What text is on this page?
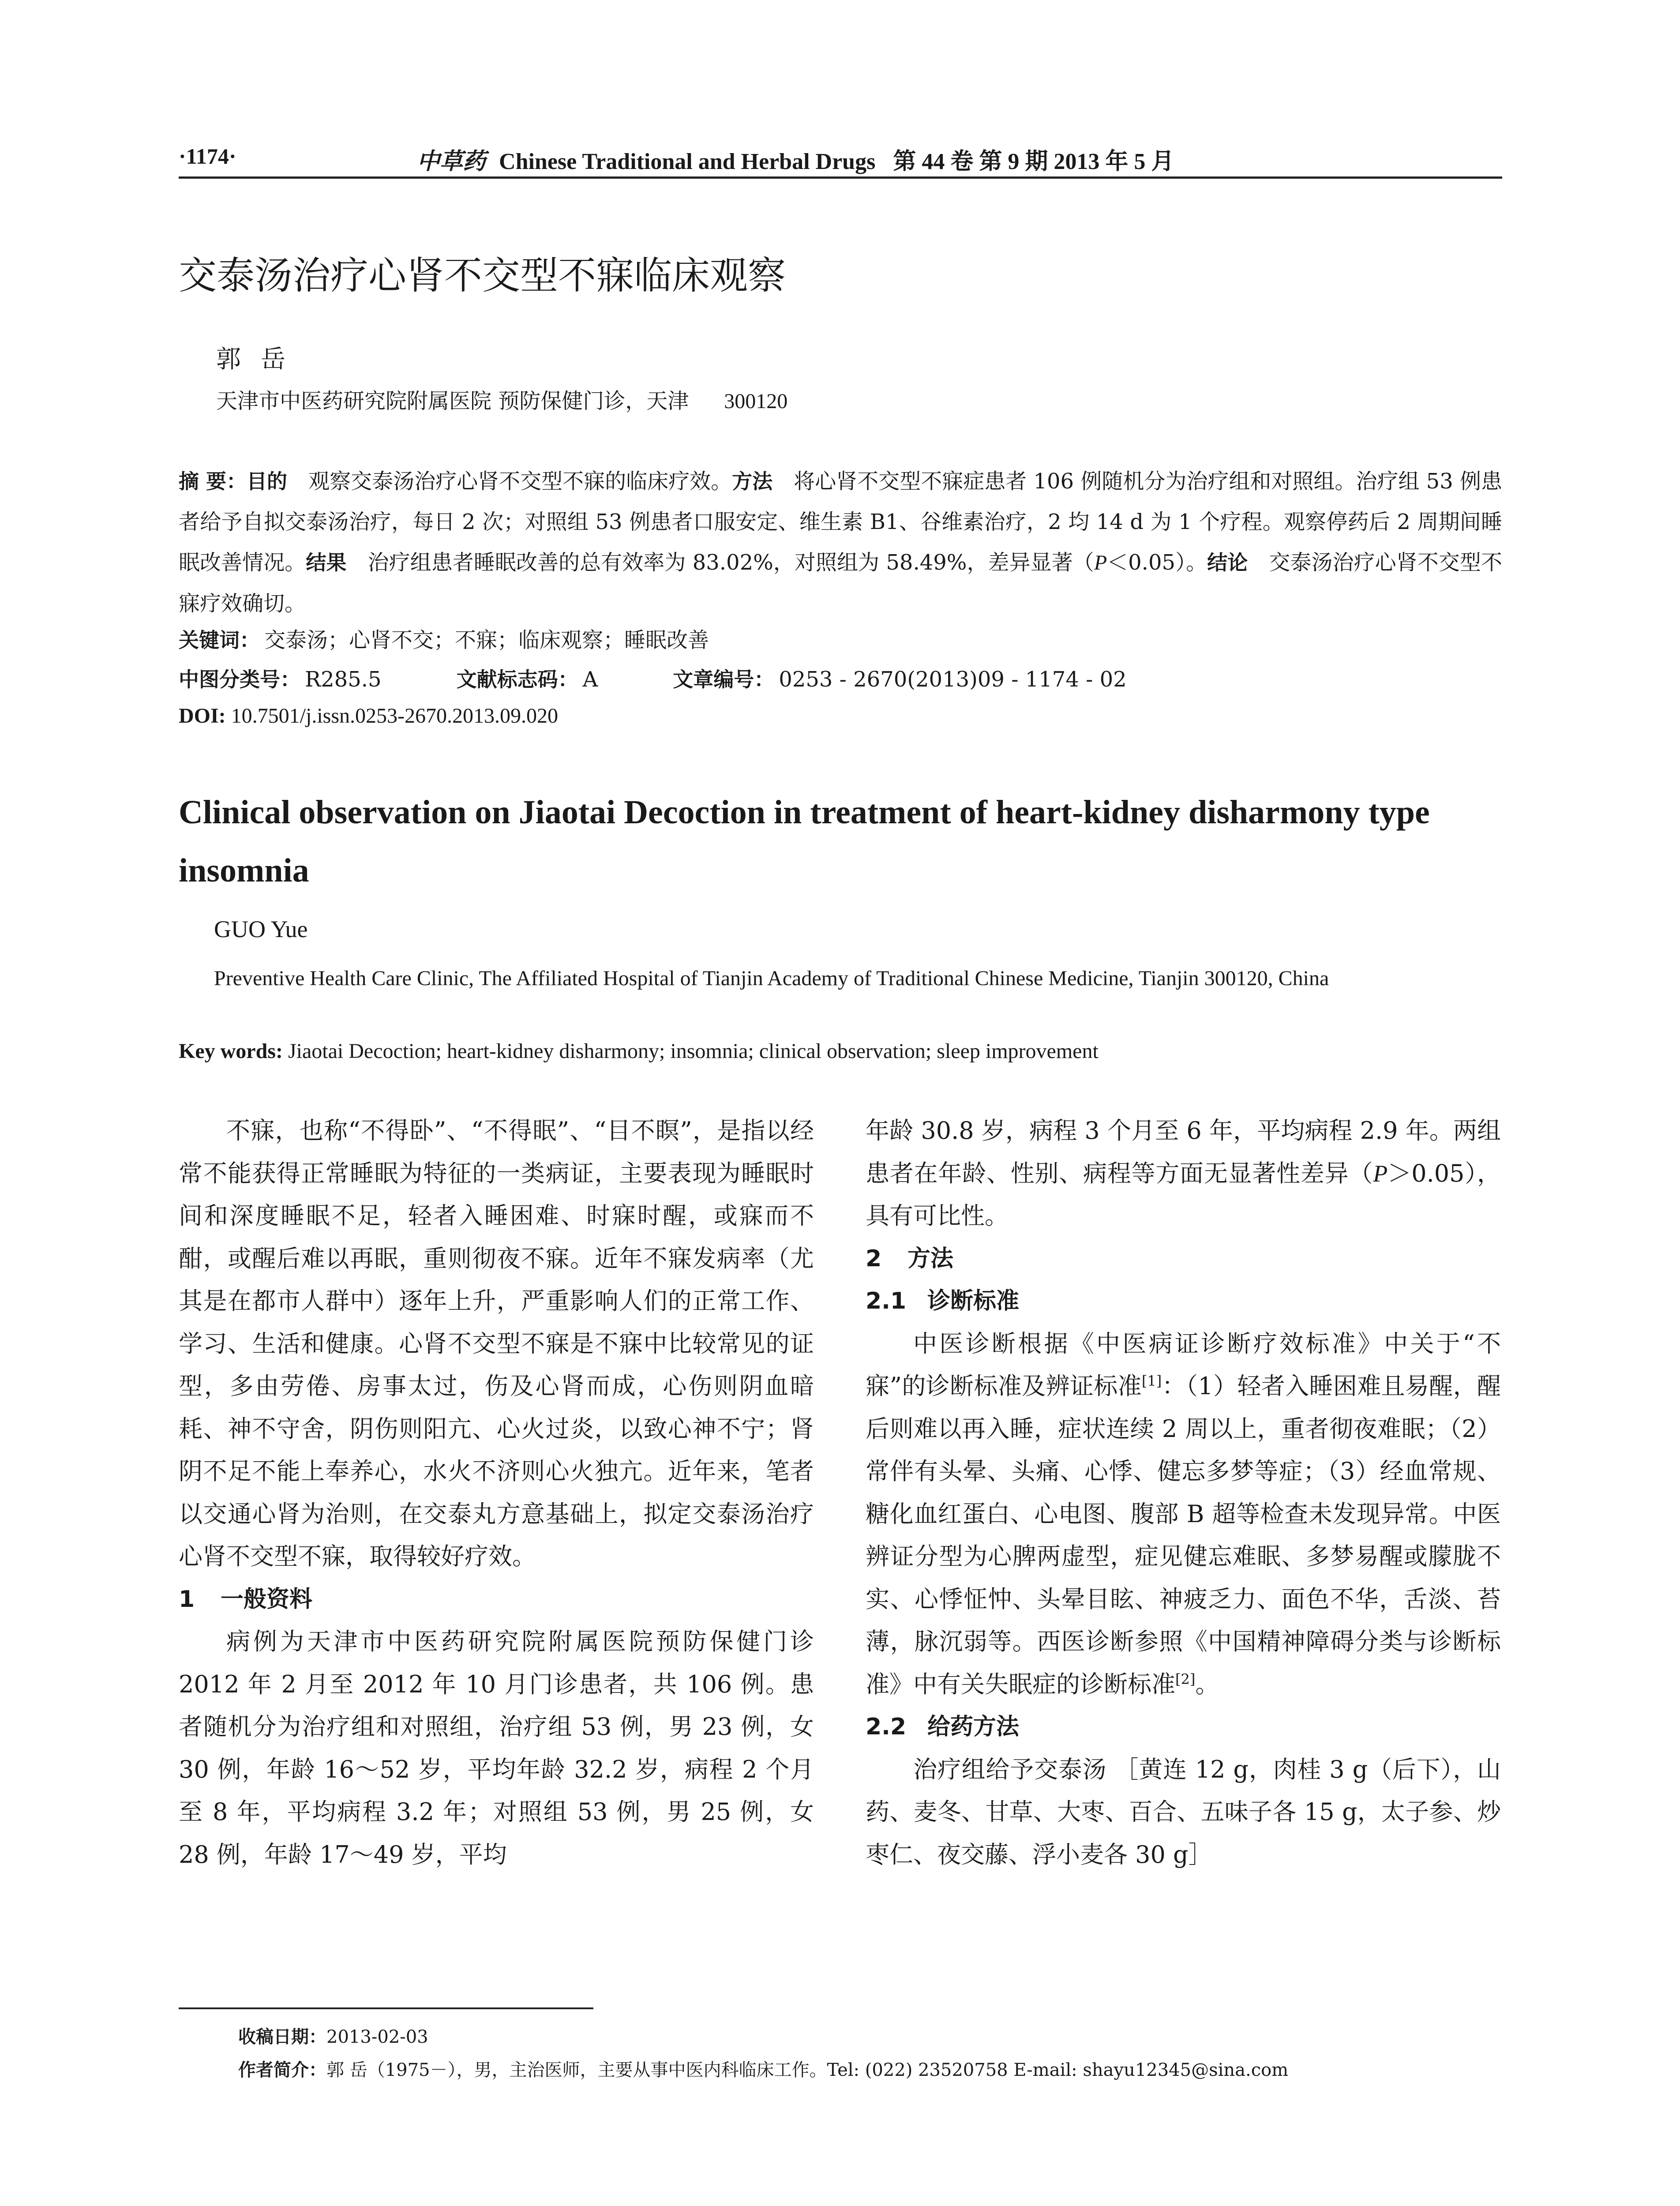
·1174·	中草药 Chinese Traditional and Herbal Drugs 第 44 卷 第 9 期 2013 年 5 月
交泰汤治疗心肾不交型不寐临床观察
郭岳
天津市中医药研究院附属医院 预防保健门诊，天津 300120

摘 要：目的　 观察交泰汤治疗心肾不交型不寐的临床疗效。方法　 将心肾不交型不寐症患者 106 例随机分为治疗组和对照组。治疗组 53 例患者给予自拟交泰汤治疗，每日 2 次；对照组 53 例患者口服安定、维生素 B1、谷维素治疗，2 均 14 d 为 1 个疗程。观察停药后 2 周期间睡眠改善情况。结果　 治疗组患者睡眠改善的总有效率为 83.02%，对照组为 58.49%，差异显著（P＜0.05）。结论　 交泰汤治疗心肾不交型不寐疗效确切。

关键词： 交泰汤；心肾不交；不寐；临床观察；睡眠改善
中图分类号： R285.5	文献标志码： A	文章编号： 0253 - 2670(2013)09 - 1174 - 02
DOI: 10.7501/j.issn.0253-2670.2013.09.020
Clinical observation on Jiaotai Decoction in treatment of heart-kidney disharmony type insomnia
GUO Yue
Preventive Health Care Clinic, The Affiliated Hospital of Tianjin Academy of Traditional Chinese Medicine, Tianjin 300120, China
Key words: Jiaotai Decoction; heart-kidney disharmony; insomnia; clinical observation; sleep improvement

不寐，也称“不得卧”、“不得眠”、“目不瞑”，是指以经常不能获得正常睡眠为特征的一类病证，主要表现为睡眠时间和深度睡眠不足，轻者入睡困难、时寐时醒，或寐而不酣，或醒后难以再眠，重则彻夜不寐。近年不寐发病率（尤其是在都市人群中）逐年上升，严重影响人们的正常工作、学习、生活和健康。心肾不交型不寐是不寐中比较常见的证型，多由劳倦、房事太过，伤及心肾而成，心伤则阴血暗耗、神不守舍，阴伤则阳亢、心火过炎，以致心神不宁；肾阴不足不能上奉养心，水火不济则心火独亢。近年来，笔者以交通心肾为治则，在交泰丸方意基础上，拟定交泰汤治疗心肾不交型不寐，取得较好疗效。

1 一般资料

病例为天津市中医药研究院附属医院预防保健门诊 2012 年 2 月至 2012 年 10 月门诊患者，共 106 例。患者随机分为治疗组和对照组，治疗组 53 例，男 23 例，女 30 例，年龄 16～52 岁，平均年龄 32.2 岁，病程 2 个月至 8 年，平均病程 3.2 年；对照组 53 例，男 25 例，女 28 例，年龄 17～49 岁，平均

年龄 30.8 岁，病程 3 个月至 6 年，平均病程 2.9 年。两组患者在年龄、性别、病程等方面无显著性差异（P＞0.05），具有可比性。

2 方法
2.1 诊断标准

中医诊断根据《中医病证诊断疗效标准》中关于“不寐”的诊断标准及辨证标准[1]：（1）轻者入睡困难且易醒，醒后则难以再入睡，症状连续 2 周以上，重者彻夜难眠；（2）常伴有头晕、头痛、心悸、健忘多梦等症；（3）经血常规、糖化血红蛋白、心电图、腹部 B 超等检查未发现异常。中医辨证分型为心脾两虚型，症见健忘难眠、多梦易醒或朦胧不实、心悸怔忡、头晕目眩、神疲乏力、面色不华，舌淡、苔薄，脉沉弱等。西医诊断参照《中国精神障碍分类与诊断标准》中有关失眠症的诊断标准[2]。

2.2 给药方法

治疗组给予交泰汤 ［黄连 12 g，肉桂 3 g（后下），山药、麦冬、甘草、大枣、百合、五味子各 15 g，太子参、炒枣仁、夜交藤、浮小麦各 30 g］

收稿日期：2013-02-03
作者简介：郭 岳（1975－），男，主治医师，主要从事中医内科临床工作。Tel: (022) 23520758 E-mail: shayu12345@sina.com
